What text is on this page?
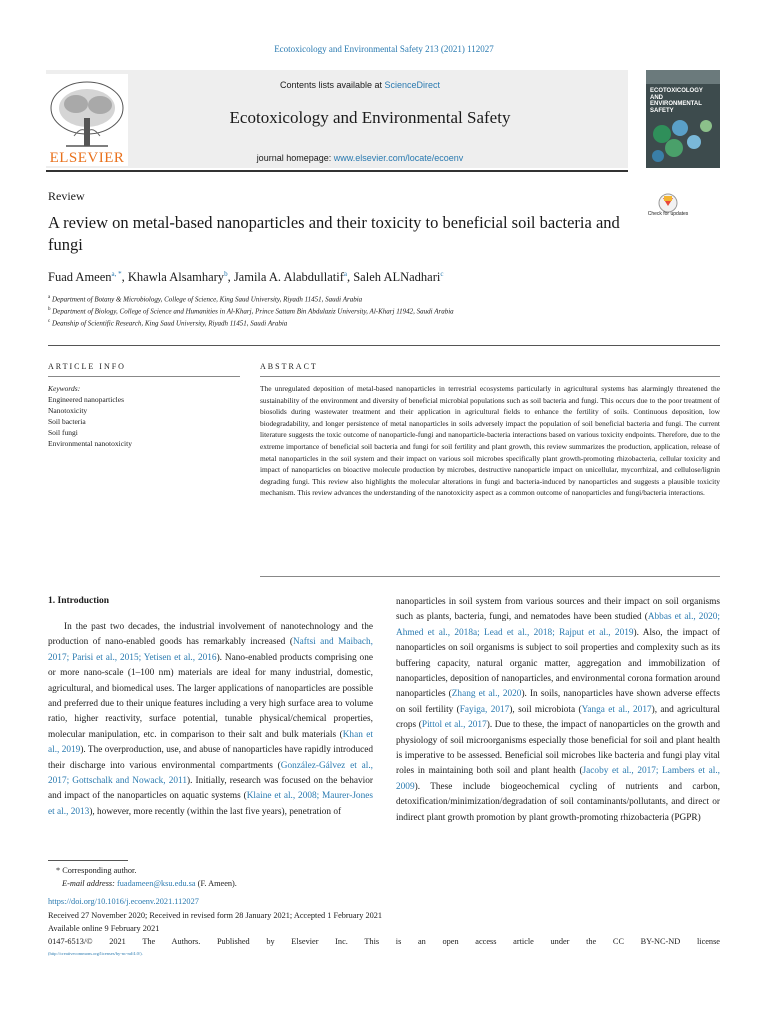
Ecotoxicology and Environmental Safety 213 (2021) 112027
ELSEVIER
Contents lists available at ScienceDirect
Ecotoxicology and Environmental Safety
journal homepage: www.elsevier.com/locate/ecoenv
ECOTOXICOLOGY AND ENVIRONMENTAL SAFETY
Review
A review on metal-based nanoparticles and their toxicity to beneficial soil bacteria and fungi
Check for updates
Fuad Ameen$^{a, *}$, Khawla Alsamhary$^b$, Jamila A. Alabdullatif$^a$, Saleh ALNadhari$^c$
$^a$ Department of Botany & Microbiology, College of Science, King Saud University, Riyadh 11451, Saudi Arabia
$^b$ Department of Biology, College of Science and Humanities in Al-Kharj, Prince Sattam Bin Abdulaziz University, Al-Kharj 11942, Saudi Arabia
$^c$ Deanship of Scientific Research, King Saud University, Riyadh 11451, Saudi Arabia
ARTICLE INFO
Keywords:
Engineered nanoparticles
Nanotoxicity
Soil bacteria
Soil fungi
Environmental nanotoxicity
ABSTRACT
The unregulated deposition of metal-based nanoparticles in terrestrial ecosystems particularly in agricultural systems has alarmingly threatened the sustainability of the environment and diversity of beneficial microbial populations such as soil bacteria and fungi. This occurs due to the poor treatment of biosolids during wastewater treatment and their application in agricultural fields to enhance the fertility of soils. Continuous deposition, low biodegradability, and longer persistence of metal nanoparticles in soils adversely impact the population of soil beneficial bacteria and fungi. The current literature suggests the toxic outcome of nanoparticle-fungi and nanoparticle-bacteria interactions based on various toxicity endpoints. Therefore, due to the extreme importance of beneficial soil bacteria and fungi for soil fertility and plant growth, this review summarizes the production, application, release of metal nanoparticles in the soil system and their impact on various soil microbes specifically plant growth-promoting rhizobacteria, cellular toxicity and impact of nanoparticles on bioactive molecule production by microbes, destructive nanoparticle impact on unicellular, mycorrhizal, and cellulose/lignin degrading fungi. This review also highlights the molecular alterations in fungi and bacteria-induced by nanoparticles and suggests a plausible toxicity mechanism. This review advances the understanding of the nanotoxicity aspect as a common outcome of nanoparticles and fungi/bacteria interactions.
1. Introduction
In the past two decades, the industrial involvement of nanotechnology and the production of nano-enabled goods has remarkably increased (Naftsi and Maibach, 2017; Parisi et al., 2015; Yetisen et al., 2016). Nano-enabled products comprising one or more nano-scale (1–100 nm) materials are ideal for many industrial, domestic, agricultural, and biomedical uses. The larger applications of nanoparticles are possible and preferred due to their unique features including a very high surface area to volume ratio, higher reactivity, surface potential, tunable physical/chemical properties, molecular manipulation, etc. in comparison to their salt and bulk materials (Khan et al., 2019). The overproduction, use, and abuse of nanoparticles have rapidly introduced their discharge into various environmental compartments (González-Gálvez et al., 2017; Gottschalk and Nowack, 2011). Initially, research was focused on the behavior and impact of the nanoparticles on aquatic systems (Klaine et al., 2008; Maurer-Jones et al., 2013), however, more recently (within the last five years), penetration of
nanoparticles in soil system from various sources and their impact on soil organisms such as plants, bacteria, fungi, and nematodes have been studied (Abbas et al., 2020; Ahmed et al., 2018a; Lead et al., 2018; Rajput et al., 2019). Also, the impact of nanoparticles on soil organisms is subject to soil properties and complexity such as its buffering capacity, natural organic matter, aggregation and immobilization of nanoparticles, deposition of nanoparticles, and environmental corona formation around nanoparticles (Zhang et al., 2020). In soils, nanoparticles have shown adverse effects on soil fertility (Fayiga, 2017), soil microbiota (Yanga et al., 2017), and agricultural crops (Pittol et al., 2017). Due to these, the impact of nanoparticles on the growth and physiology of soil microorganisms especially those beneficial for soil and plant health is imperative to be assessed. Beneficial soil microbes like bacteria and fungi play vital roles in maintaining both soil and plant health (Jacoby et al., 2017; Lambers et al., 2009). These include biogeochemical cycling of nutrients and carbon, detoxification/minimization/degradation of soil contaminants/pollutants, and direct or indirect plant growth promotion by plant growth-promoting rhizobacteria (PGPR)
* Corresponding author.
E-mail address: fuadameen@ksu.edu.sa (F. Ameen).
https://doi.org/10.1016/j.ecoenv.2021.112027
Received 27 November 2020; Received in revised form 28 January 2021; Accepted 1 February 2021
Available online 9 February 2021
0147-6513/© 2021 The Authors. Published by Elsevier Inc. This is an open access article under the CC BY-NC-ND license
(http://creativecommons.org/licenses/by-nc-nd/4.0/).
